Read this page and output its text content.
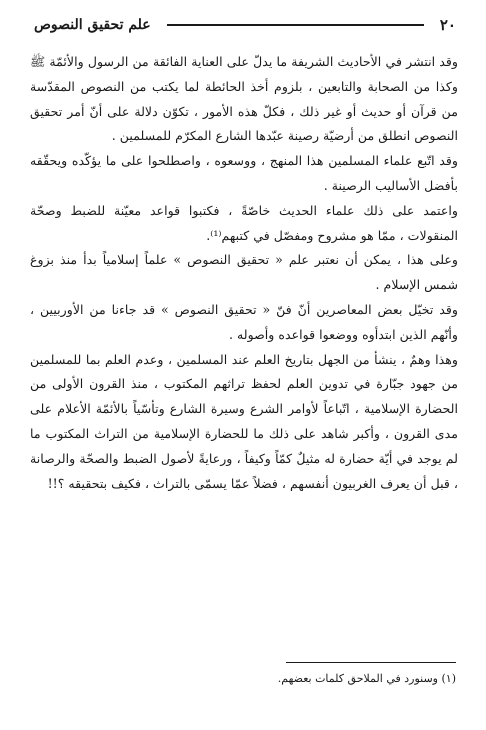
٢٠
علم تحقيق النصوص

وقد انتشر في الأحاديث الشريفة ما يدلّ على العناية الفائقة من الرسول والأئمّة ﷺ وكذا من الصحابة والتابعين ، بلزوم أخذ الحائطة لما يكتب من النصوص المقدّسة من قرآن أو حديث أو غير ذلك ، فكلّ هذه الأمور ، تكوّن دلالة على أنّ أمر تحقيق النصوص انطلق من أرضيّة رصينة عبّدها الشارع المكرّم للمسلمين .

وقد اتّبع علماء المسلمين هذا المنهج ، ووسعوه ، واصطلحوا على ما يؤكّده ويحقّقه بأفضل الأساليب الرصينة .

واعتمد على ذلك علماء الحديث خاصّةً ، فكتبوا قواعد معيّنة للضبط وصحّة المنقولات ، ممّا هو مشروح ومفصّل في كتبهم⁽¹⁾.

وعلى هذا ، يمكن أن نعتبر علم « تحقيق النصوص » علماً إسلامياً بدأ منذ بزوغ شمس الإسلام .

وقد تخيّل بعض المعاصرين أنّ فنّ « تحقيق النصوص » قد جاءنا من الأوربيين ، وأنّهم الذين ابتدأوه ووضعوا قواعده وأصوله .

وهذا وهمٌ ، ينشأ من الجهل بتاريخ العلم عند المسلمين ، وعدم العلم بما للمسلمين من جهود جبّارة في تدوين العلم لحفظ تراثهم المكتوب ، منذ القرون الأولى من الحضارة الإسلامية ، اتّباعاً لأوامر الشرع وسيرة الشارع وتأسّياً بالأئمّة الأعلام على مدى القرون ، وأكبر شاهد على ذلك ما للحضارة الإسلامية من التراث المكتوب ما لم يوجد في أيّة حضارة له مثيلٌ كمّاً وكيفاً ، ورعايةً لأصول الضبط والصحّة والرصانة ، قبل أن يعرف الغربيون أنفسهم ، فضلاً عمّا يسمّى بالتراث ، فكيف بتحقيقه ؟!!

(١) وسنورد في الملاحق كلمات بعضهم.
